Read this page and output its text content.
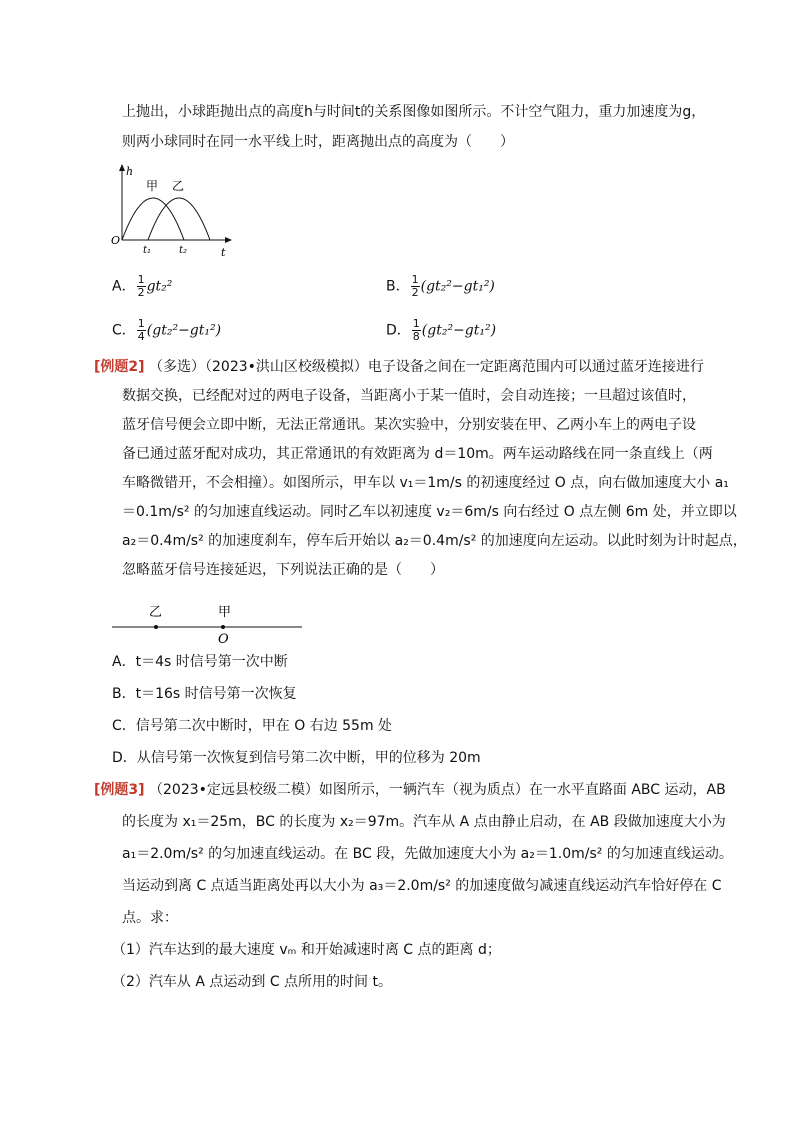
上抛出，小球距抛出点的高度h与时间t的关系图像如图所示。不计空气阻力，重力加速度为g，
则两小球同时在同一水平线上时，距离抛出点的高度为（　　）
h
甲 乙
O
t₁	t₂	t
A． $\frac{1}{2} gt_2^2$	B． $\frac{1}{2} (gt_2^2-gt_1^2)$
C． $\frac{1}{4} (gt_2^2-gt_1^2)$	D． $\frac{1}{8} (gt_2^2-gt_1^2)$
[例题2] （多选）（2023•洪山区校级模拟）电子设备之间在一定距离范围内可以通过蓝牙连接进行
数据交换，已经配对过的两电子设备，当距离小于某一值时，会自动连接；一旦超过该值时，
蓝牙信号便会立即中断，无法正常通讯。某次实验中，分别安装在甲、乙两小车上的两电子设
备已通过蓝牙配对成功，其正常通讯的有效距离为 d＝10m。两车运动路线在同一条直线上（两
车略微错开，不会相撞）。如图所示，甲车以 v₁＝1m/s 的初速度经过 O 点，向右做加速度大小 a₁
＝0.1m/s² 的匀加速直线运动。同时乙车以初速度 v₂＝6m/s 向右经过 O 点左侧 6m 处，并立即以
a₂＝0.4m/s² 的加速度刹车，停车后开始以 a₂＝0.4m/s² 的加速度向左运动。以此时刻为计时起点，
忽略蓝牙信号连接延迟，下列说法正确的是（　　）
乙	甲
O
A．t＝4s 时信号第一次中断
B．t＝16s 时信号第一次恢复
C．信号第二次中断时，甲在 O 右边 55m 处
D．从信号第一次恢复到信号第二次中断，甲的位移为 20m
[例题3] （2023•定远县校级二模）如图所示，一辆汽车（视为质点）在一水平直路面 ABC 运动，AB
的长度为 x₁＝25m，BC 的长度为 x₂＝97m。汽车从 A 点由静止启动，在 AB 段做加速度大小为
a₁＝2.0m/s² 的匀加速直线运动。在 BC 段，先做加速度大小为 a₂＝1.0m/s² 的匀加速直线运动。
当运动到离 C 点适当距离处再以大小为 a₃＝2.0m/s² 的加速度做匀减速直线运动汽车恰好停在 C
点。求：
（1）汽车达到的最大速度 vₘ 和开始减速时离 C 点的距离 d；
（2）汽车从 A 点运动到 C 点所用的时间 t。
